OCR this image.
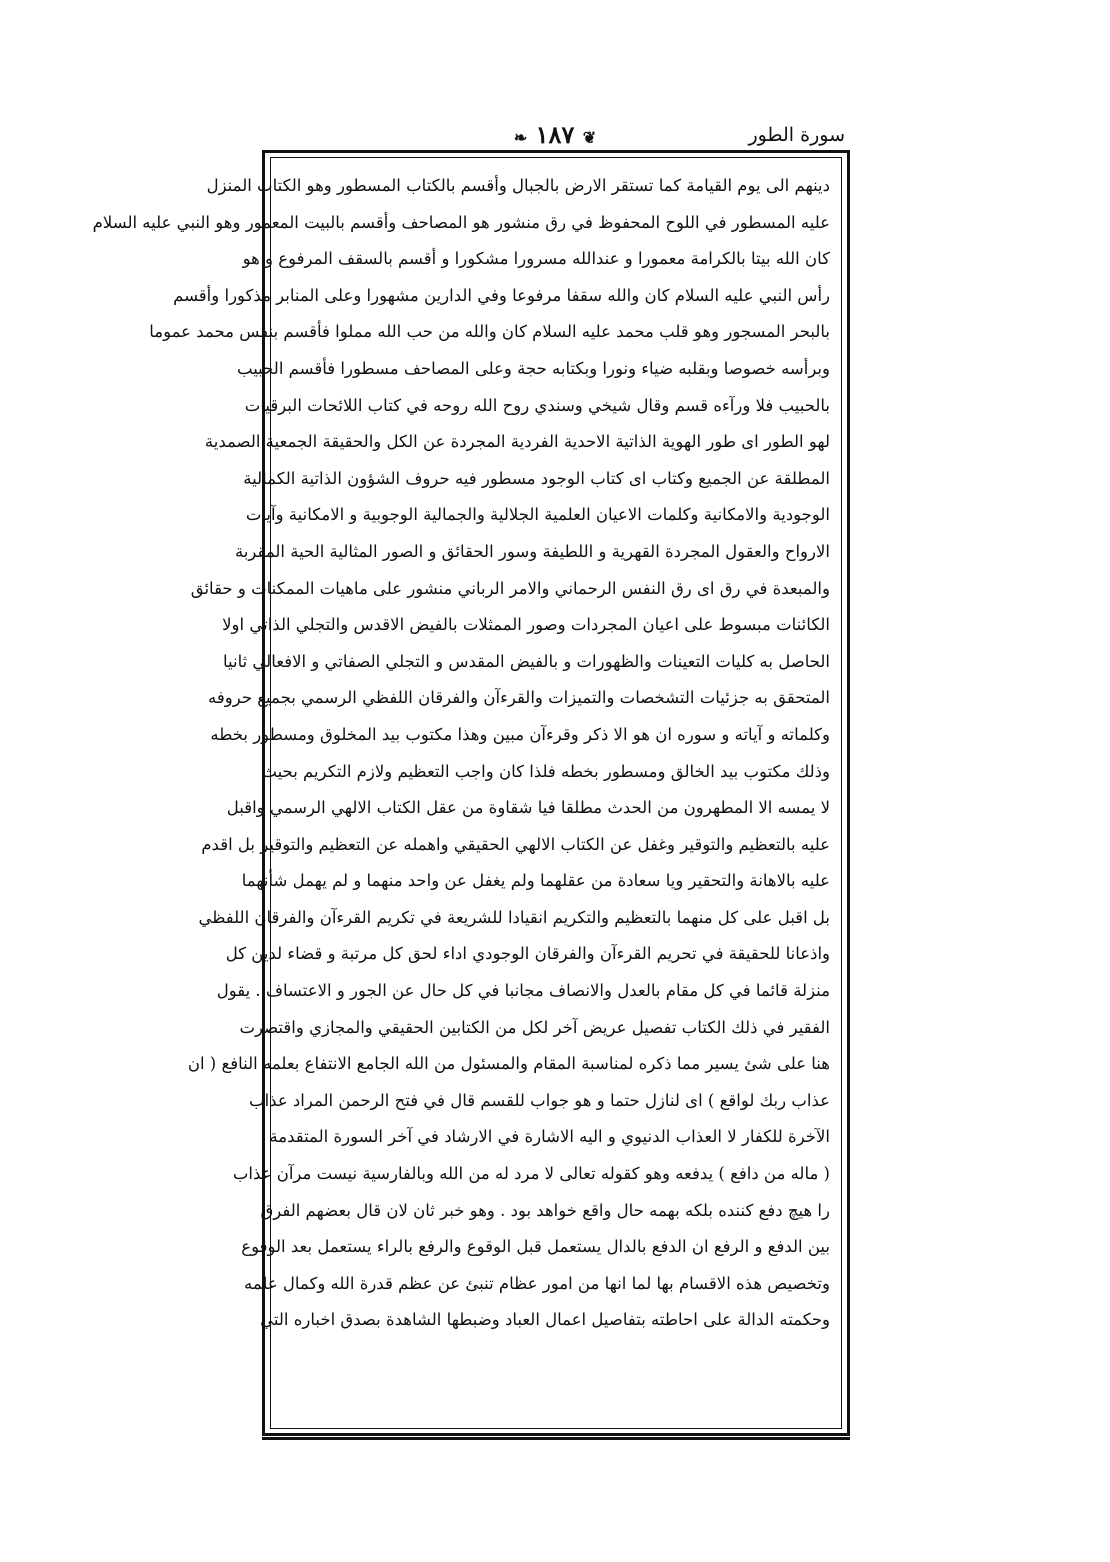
❦ ١٨٧ ❧	سورة الطور
دينهم الى يوم القيامة كما تستقر الارض بالجبال وأقسم بالكتاب المسطور وهو الكتاب المنزل
عليه المسطور في اللوح المحفوظ في رق منشور هو المصاحف وأقسم بالبيت المعمور وهو النبي عليه السلام
كان الله بيتا بالكرامة معمورا و عندالله مسرورا مشكورا و أقسم بالسقف المرفوع و هو
رأس النبي عليه السلام كان والله سقفا مرفوعا وفي الدارين مشهورا وعلى المنابر مذكورا وأقسم
بالبحر المسجور وهو قلب محمد عليه السلام كان والله من حب الله مملوا فأقسم بنفس محمد عموما
وبرأسه خصوصا وبقلبه ضياء ونورا وبكتابه حجة وعلى المصاحف مسطورا فأقسم الحبيب
بالحبيب فلا ورآءه قسم وقال شيخي وسندي روح الله روحه في كتاب اللائحات البرقيات
لهو الطور اى طور الهوية الذاتية الاحدية الفردية المجردة عن الكل والحقيقة الجمعية الصمدية
المطلقة عن الجميع وكتاب اى كتاب الوجود مسطور فيه حروف الشؤون الذاتية الكمالية
الوجودية والامكانية وكلمات الاعيان العلمية الجلالية والجمالية الوجوبية و الامكانية وآيات
الارواح والعقول المجردة القهرية و اللطيفة وسور الحقائق و الصور المثالية الحية المقربة
والمبعدة في رق اى رق النفس الرحماني والامر الرباني منشور على ماهيات الممكنات و حقائق
الكائنات مبسوط على اعيان المجردات وصور الممثلات بالفيض الاقدس والتجلي الذاتي اولا
الحاصل به كليات التعينات والظهورات و بالفيض المقدس و التجلي الصفاتي و الافعالي ثانيا
المتحقق به جزئيات التشخصات والتميزات والقرءآن والفرقان اللفظي الرسمي بجميع حروفه
وكلماته و آياته و سوره ان هو الا ذكر وقرءآن مبين وهذا مكتوب بيد المخلوق ومسطور بخطه
وذلك مكتوب بيد الخالق ومسطور بخطه فلذا كان واجب التعظيم ولازم التكريم بحيث
لا يمسه الا المطهرون من الحدث مطلقا فيا شقاوة من عقل الكتاب الالهي الرسمي واقبل
عليه بالتعظيم والتوقير وغفل عن الكتاب الالهي الحقيقي واهمله عن التعظيم والتوقير بل اقدم
عليه بالاهانة والتحقير ويا سعادة من عقلهما ولم يغفل عن واحد منهما و لم يهمل شأنهما
بل اقبل على كل منهما بالتعظيم والتكريم انقيادا للشريعة في تكريم القرءآن والفرقان اللفظي
واذعانا للحقيقة في تحريم القرءآن والفرقان الوجودي اداء لحق كل مرتبة و قضاء لدين كل
منزلة قائما في كل مقام بالعدل والانصاف مجانبا في كل حال عن الجور و الاعتساف . يقول
الفقير في ذلك الكتاب تفصيل عريض آخر لكل من الكتابين الحقيقي والمجازي واقتصرت
هنا على شئ يسير مما ذكره لمناسبة المقام والمسئول من الله الجامع الانتفاع بعلمه النافع ( ان
عذاب ربك لواقع ) اى لنازل حتما و هو جواب للقسم قال في فتح الرحمن المراد عذاب
الآخرة للكفار لا العذاب الدنيوي و اليه الاشارة في الارشاد في آخر السورة المتقدمة
( ماله من دافع ) يدفعه وهو كقوله تعالى لا مرد له من الله وبالفارسية نيست مرآن عذاب
را هيچ دفع كننده بلكه بهمه حال واقع خواهد بود . وهو خبر ثان لان قال بعضهم الفرق
بين الدفع و الرفع ان الدفع بالدال يستعمل قبل الوقوع والرفع بالراء يستعمل بعد الوقوع
وتخصيص هذه الاقسام بها لما انها من امور عظام تنبئ عن عظم قدرة الله وكمال علمه
وحكمته الدالة على احاطته بتفاصيل اعمال العباد وضبطها الشاهدة بصدق اخباره التي
